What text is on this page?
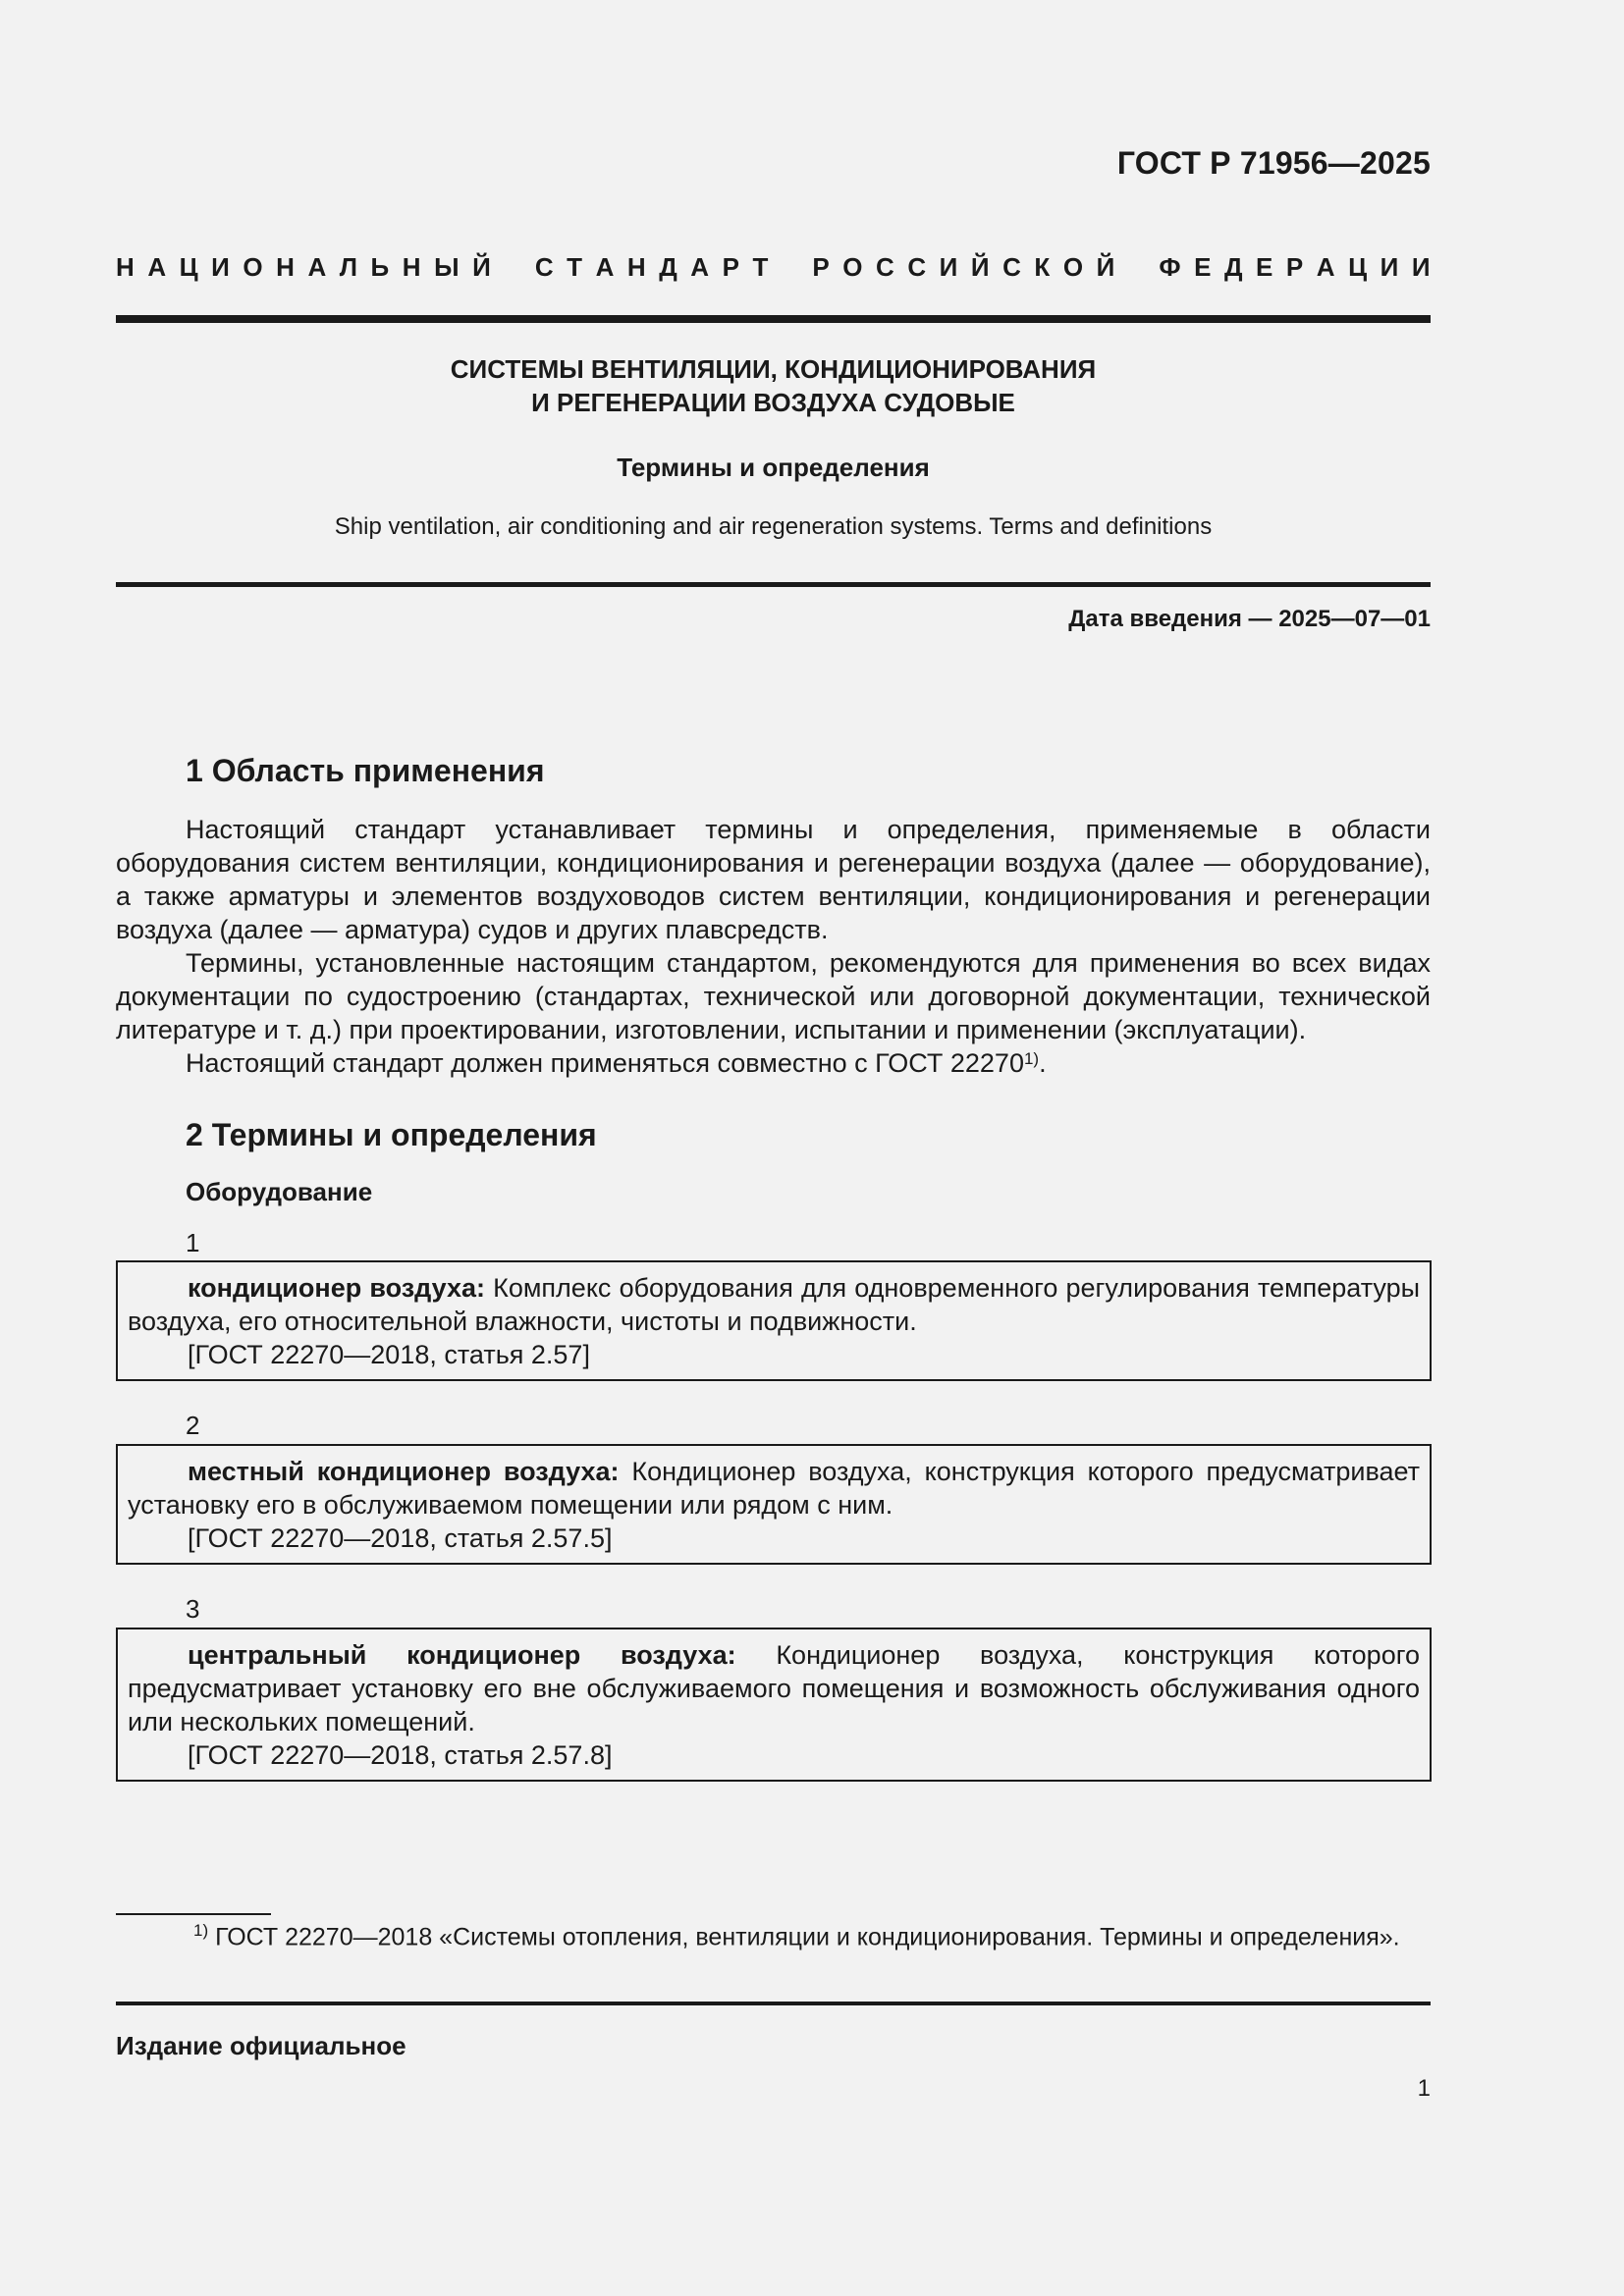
ГОСТ Р 71956—2025
Н А Ц И О Н А Л Ь Н Ы Й
С Т А Н Д А Р Т
Р О С С И Й С К О Й
Ф Е Д Е Р А Ц И И
СИСТЕМЫ ВЕНТИЛЯЦИИ, КОНДИЦИОНИРОВАНИЯ
И РЕГЕНЕРАЦИИ ВОЗДУХА СУДОВЫЕ
Термины и определения
Ship ventilation, air conditioning and air regeneration systems. Terms and definitions
Дата введения — 2025—07—01
1 Область применения

Настоящий стандарт устанавливает термины и определения, применяемые в области оборудования систем вентиляции, кондиционирования и регенерации воздуха (далее — оборудование), а также арматуры и элементов воздуховодов систем вентиляции, кондиционирования и регенерации воздуха (далее — арматура) судов и других плавсредств.

Термины, установленные настоящим стандартом, рекомендуются для применения во всех видах документации по судостроению (стандартах, технической или договорной документации, технической литературе и т. д.) при проектировании, изготовлении, испытании и применении (эксплуатации).

Настоящий стандарт должен применяться совместно с ГОСТ 22270$^{1)}$.

2 Термины и определения
Оборудование
1

кондиционер воздуха: Комплекс оборудования для одновременного регулирования температуры воздуха, его относительной влажности, чистоты и подвижности.

[ГОСТ 22270—2018, статья 2.57]

2

местный кондиционер воздуха: Кондиционер воздуха, конструкция которого предусматривает установку его в обслуживаемом помещении или рядом с ним.

[ГОСТ 22270—2018, статья 2.57.5]

3

центральный кондиционер воздуха: Кондиционер воздуха, конструкция которого предусматривает установку его вне обслуживаемого помещения и возможность обслуживания одного или нескольких помещений.

[ГОСТ 22270—2018, статья 2.57.8]

$^{1)}$ ГОСТ 22270—2018 «Системы отопления, вентиляции и кондиционирования. Термины и определения».
Издание официальное
1
